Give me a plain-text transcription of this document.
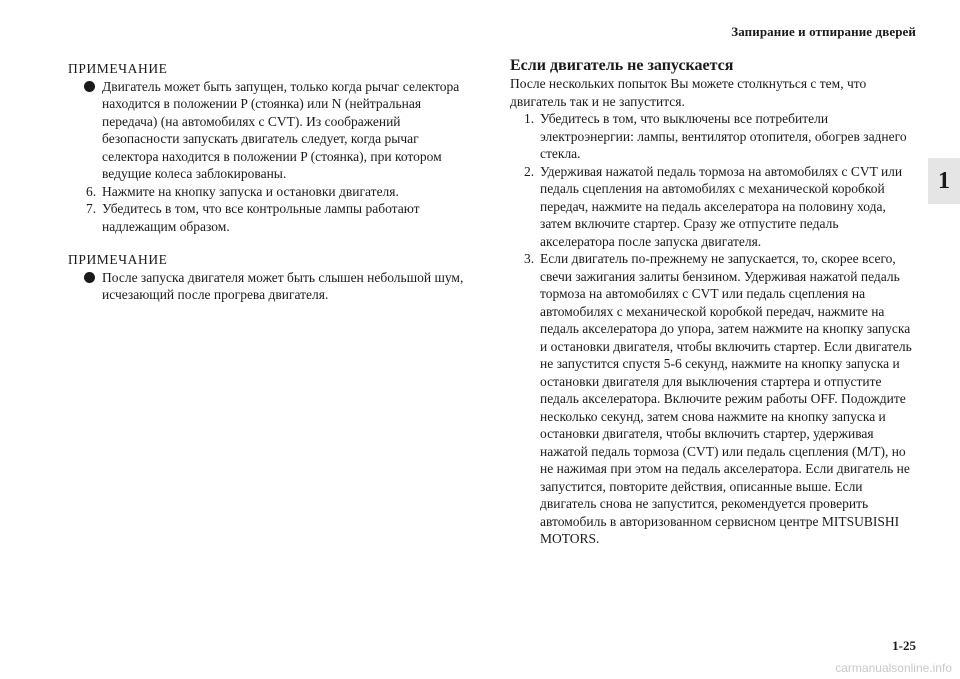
Запирание и отпирание дверей
1
ПРИМЕЧАНИЕ
Двигатель может быть запущен, только когда рычаг селектора находится в положении P (стоянка) или N (нейтральная передача) (на автомобилях с CVT). Из соображений безопасности запускать двигатель следует, когда рычаг селектора находится в положении P (стоянка), при котором ведущие колеса заблокированы.
6. Нажмите на кнопку запуска и остановки двигателя.
7. Убедитесь в том, что все контрольные лампы работают надлежащим образом.
ПРИМЕЧАНИЕ
После запуска двигателя может быть слышен небольшой шум, исчезающий после прогрева двигателя.
Если двигатель не запускается
После нескольких попыток Вы можете столкнуться с тем, что двигатель так и не запустится.
1. Убедитесь в том, что выключены все потребители электроэнергии: лампы, вентилятор отопителя, обогрев заднего стекла.
2. Удерживая нажатой педаль тормоза на автомобилях с CVT или педаль сцепления на автомобилях с механической коробкой передач, нажмите на педаль акселератора на половину хода, затем включите стартер. Сразу же отпустите педаль акселератора после запуска двигателя.
3. Если двигатель по-прежнему не запускается, то, скорее всего, свечи зажигания залиты бензином. Удерживая нажатой педаль тормоза на автомобилях с CVT или педаль сцепления на автомобилях с механической коробкой передач, нажмите на педаль акселератора до упора, затем нажмите на кнопку запуска и остановки двигателя, чтобы включить стартер. Если двигатель не запустится спустя 5-6 секунд, нажмите на кнопку запуска и остановки двигателя для выключения стартера и отпустите педаль акселератора. Включите режим работы OFF. Подождите несколько секунд, затем снова нажмите на кнопку запуска и остановки двигателя, чтобы включить стартер, удерживая нажатой педаль тормоза (CVT) или педаль сцепления (M/T), но не нажимая при этом на педаль акселератора. Если двигатель не запустится, повторите действия, описанные выше. Если двигатель снова не запустится, рекомендуется проверить автомобиль в авторизованном сервисном центре MITSUBISHI MOTORS.
1-25
carmanualsonline.info
